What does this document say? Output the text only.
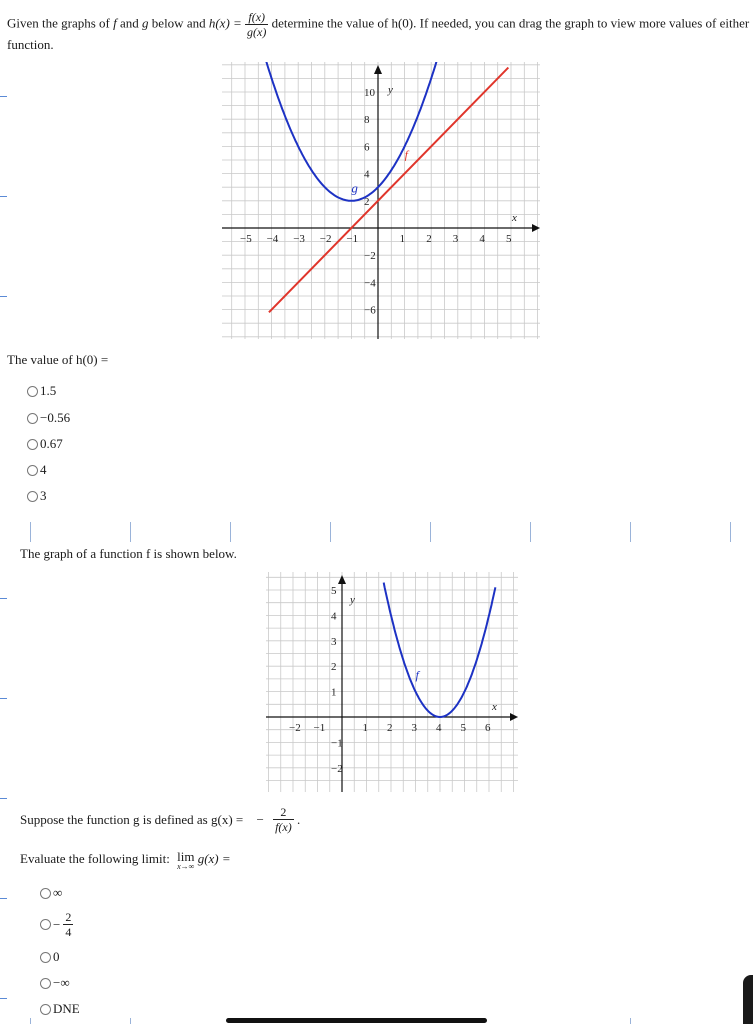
Given the graphs of f and g below and $h(x) = \frac{f(x)}{g(x)}$ determine the value of h(0). If needed, you can drag the graph to view more values of either
function.
−5 −4 −3 −2 −1	1 2 3 4 5
10
8
6
4
2
−2
−4
−6
x
y
f
g
The value of h(0) =
1.5
−0.56
0.67
4
3
The graph of a function f is shown below.
−2 −1	1 2 3 4 5 6
5
4
3
2
1
−1
−2
x
y
f
Suppose the function g is defined as g(x) = − $\frac{2}{f(x)}$ .
Evaluate the following limit: lim
x→∞
g(x) =
∞
− $\frac{2}{4}$
0
−∞
DNE
